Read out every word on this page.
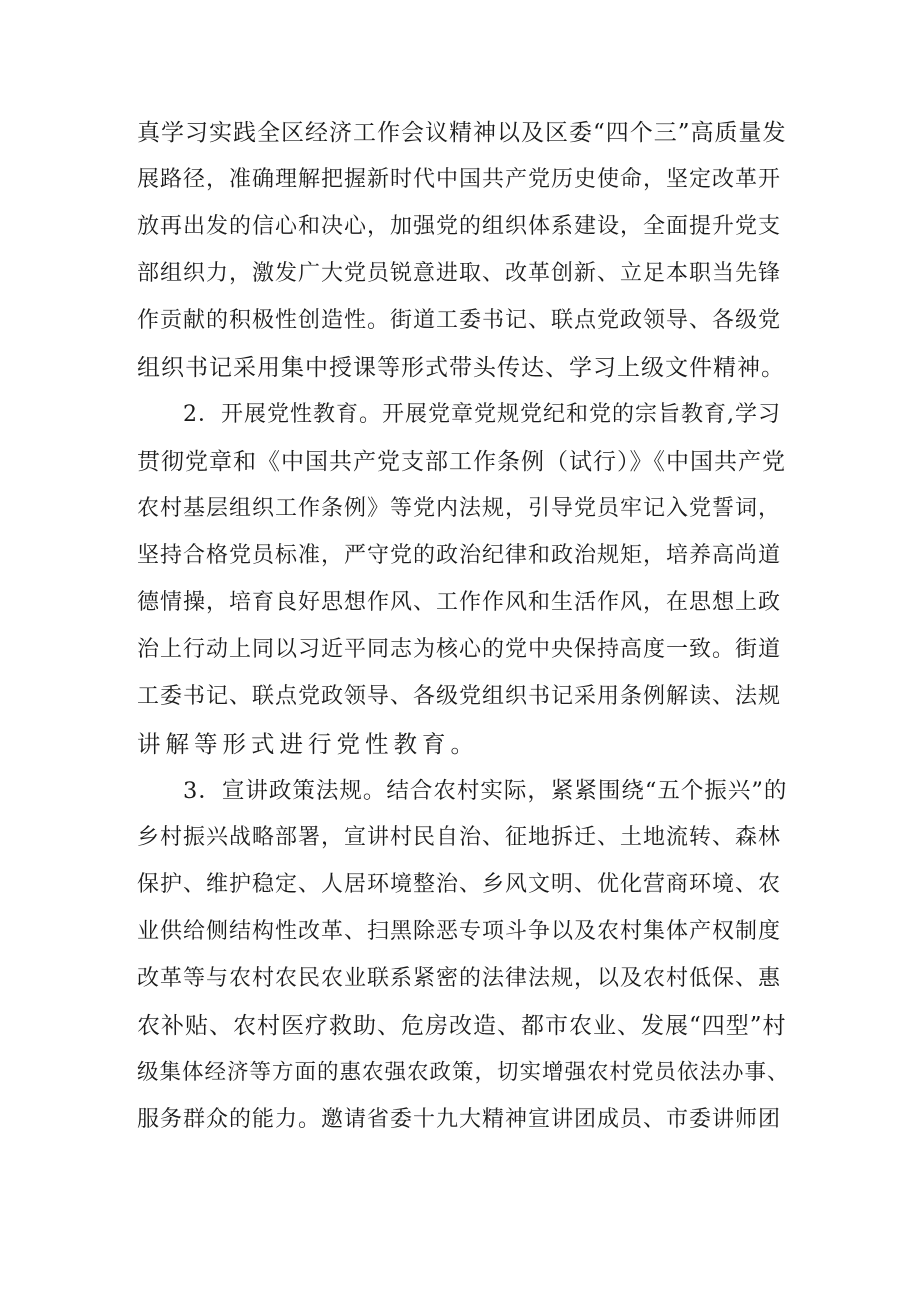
真学习实践全区经济工作会议精神以及区委“四个三”高质量发
展路径，准确理解把握新时代中国共产党历史使命，坚定改革开
放再出发的信心和决心，加强党的组织体系建设，全面提升党支
部组织力，激发广大党员锐意进取、改革创新、立足本职当先锋
作贡献的积极性创造性。街道工委书记、联点党政领导、各级党
组织书记采用集中授课等形式带头传达、学习上级文件精神。
2．开展党性教育。开展党章党规党纪和党的宗旨教育,学习
贯彻党章和《中国共产党支部工作条例（试行）》《中国共产党
农村基层组织工作条例》等党内法规，引导党员牢记入党誓词，
坚持合格党员标准，严守党的政治纪律和政治规矩，培养高尚道
德情操，培育良好思想作风、工作作风和生活作风，在思想上政
治上行动上同以习近平同志为核心的党中央保持高度一致。街道
工委书记、联点党政领导、各级党组织书记采用条例解读、法规
讲解等形式进行党性教育。
3．宣讲政策法规。结合农村实际，紧紧围绕“五个振兴”的
乡村振兴战略部署，宣讲村民自治、征地拆迁、土地流转、森林
保护、维护稳定、人居环境整治、乡风文明、优化营商环境、农
业供给侧结构性改革、扫黑除恶专项斗争以及农村集体产权制度
改革等与农村农民农业联系紧密的法律法规，以及农村低保、惠
农补贴、农村医疗救助、危房改造、都市农业、发展“四型”村
级集体经济等方面的惠农强农政策，切实增强农村党员依法办事、
服务群众的能力。邀请省委十九大精神宣讲团成员、市委讲师团
